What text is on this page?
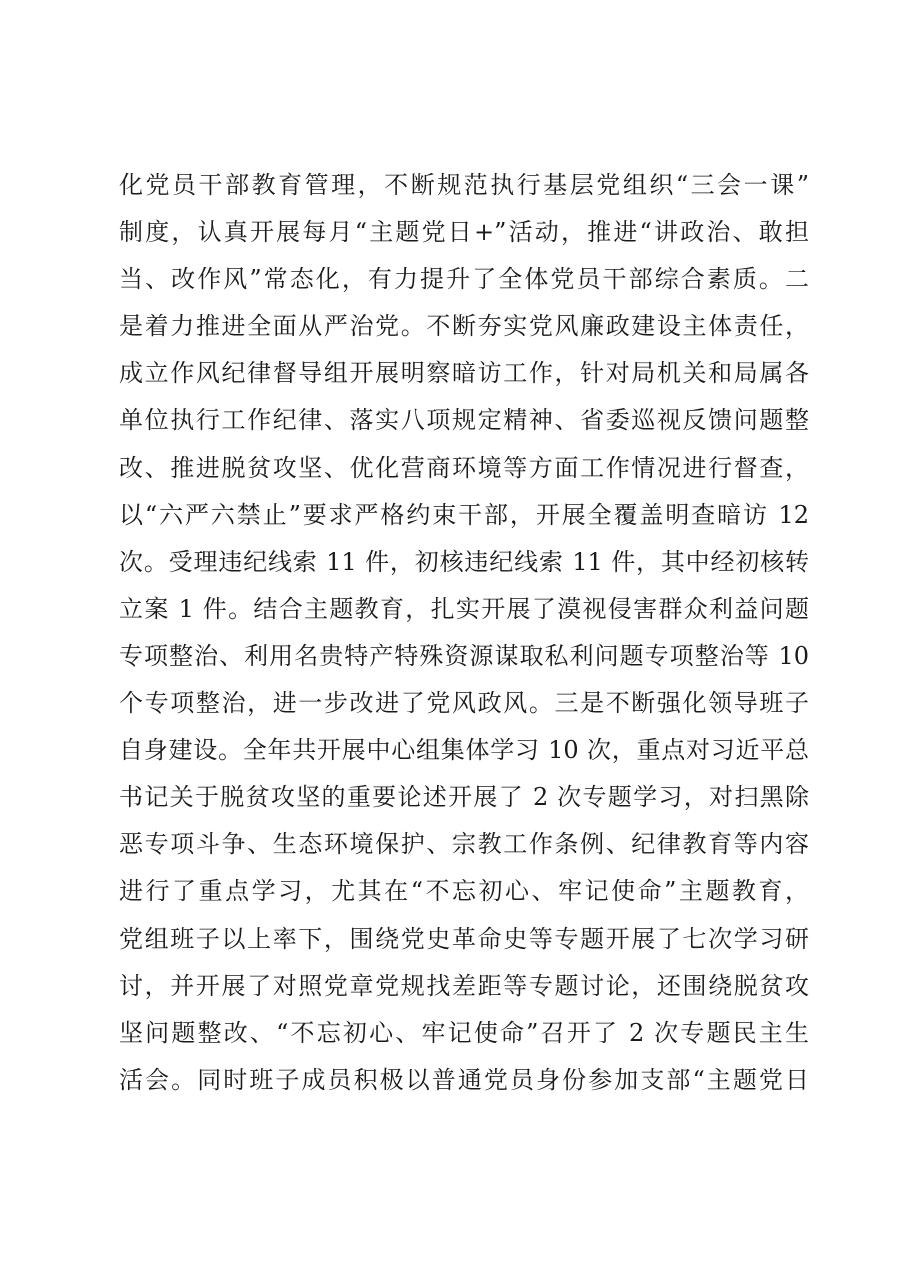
化党员干部教育管理，不断规范执行基层党组织“三会一课”
制度，认真开展每月“主题党日+”活动，推进“讲政治、敢担
当、改作风”常态化，有力提升了全体党员干部综合素质。二
是着力推进全面从严治党。不断夯实党风廉政建设主体责任，
成立作风纪律督导组开展明察暗访工作，针对局机关和局属各
单位执行工作纪律、落实八项规定精神、省委巡视反馈问题整
改、推进脱贫攻坚、优化营商环境等方面工作情况进行督查，
以“六严六禁止”要求严格约束干部，开展全覆盖明查暗访 12
次。受理违纪线索 11 件，初核违纪线索 11 件，其中经初核转
立案 1 件。结合主题教育，扎实开展了漠视侵害群众利益问题
专项整治、利用名贵特产特殊资源谋取私利问题专项整治等 10
个专项整治，进一步改进了党风政风。三是不断强化领导班子
自身建设。全年共开展中心组集体学习 10 次，重点对习近平总
书记关于脱贫攻坚的重要论述开展了 2 次专题学习，对扫黑除
恶专项斗争、生态环境保护、宗教工作条例、纪律教育等内容
进行了重点学习，尤其在“不忘初心、牢记使命”主题教育，
党组班子以上率下，围绕党史革命史等专题开展了七次学习研
讨，并开展了对照党章党规找差距等专题讨论，还围绕脱贫攻
坚问题整改、“不忘初心、牢记使命”召开了 2 次专题民主生
活会。同时班子成员积极以普通党员身份参加支部“主题党日
